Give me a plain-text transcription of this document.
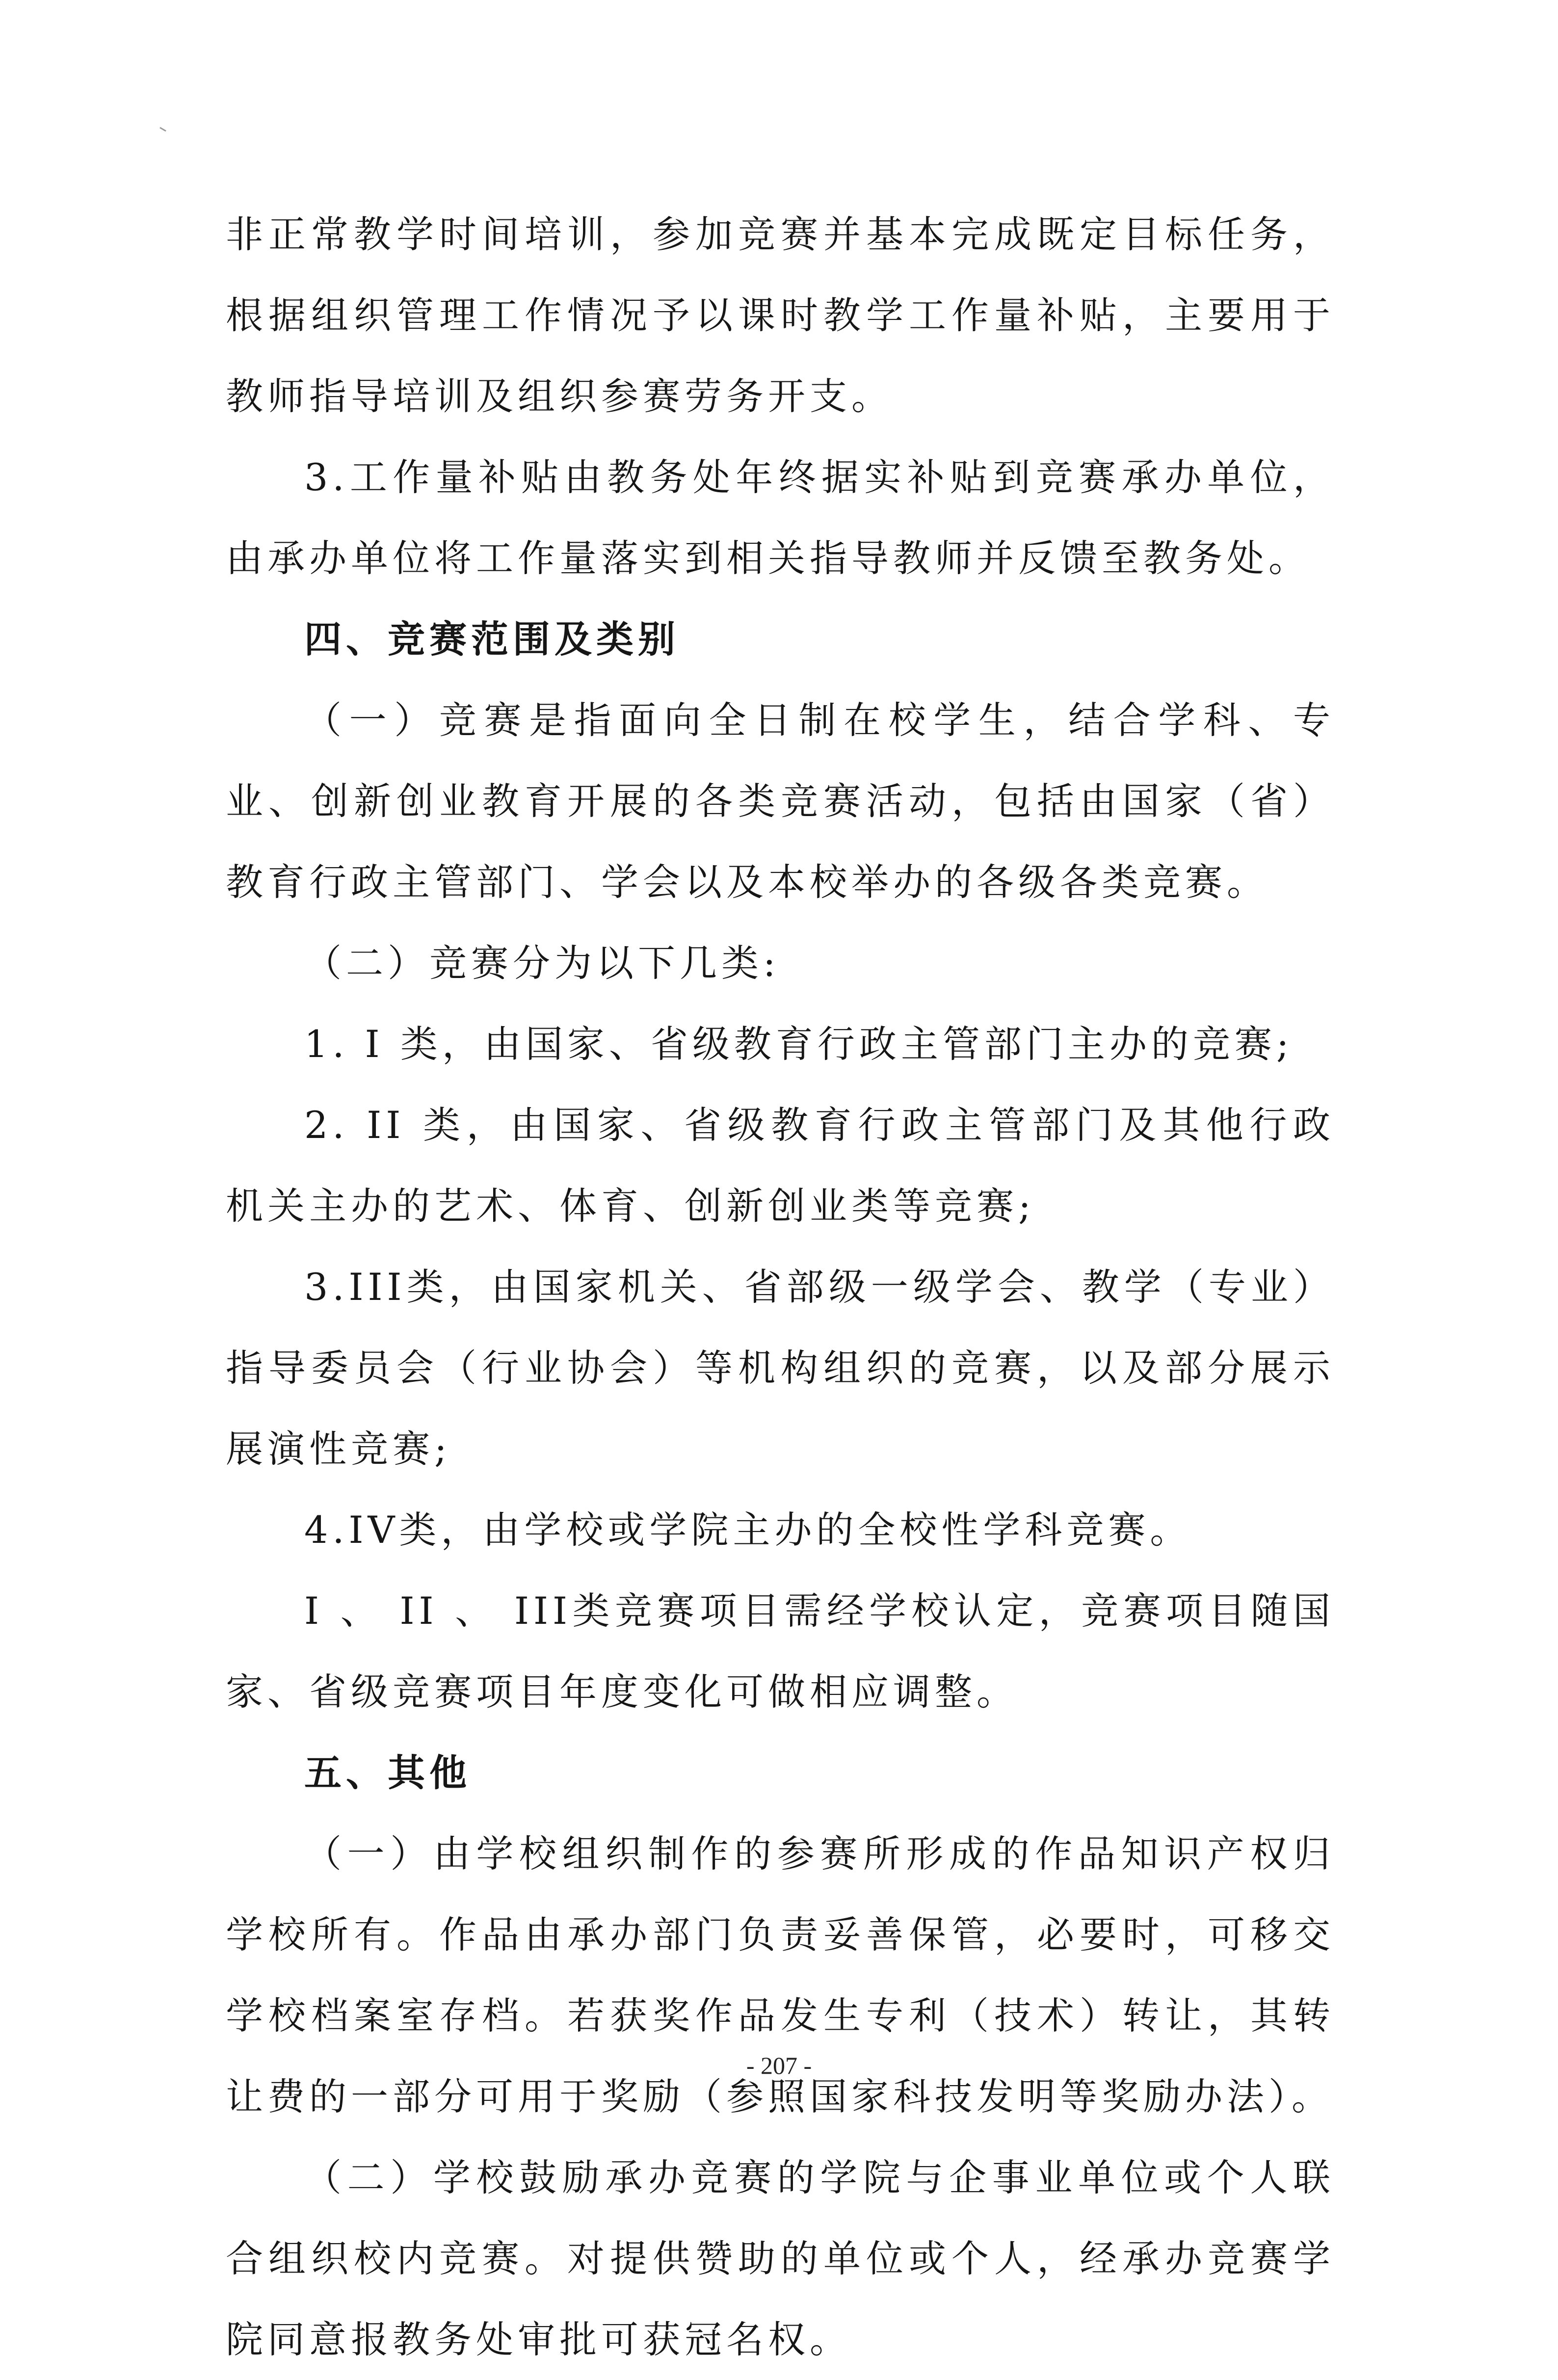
非正常教学时间培训，参加竞赛并基本完成既定目标任务，根据组织管理工作情况予以课时教学工作量补贴，主要用于教师指导培训及组织参赛劳务开支。

3.工作量补贴由教务处年终据实补贴到竞赛承办单位，由承办单位将工作量落实到相关指导教师并反馈至教务处。

四、竞赛范围及类别

（一）竞赛是指面向全日制在校学生，结合学科、专业、创新创业教育开展的各类竞赛活动，包括由国家（省）教育行政主管部门、学会以及本校举办的各级各类竞赛。

（二）竞赛分为以下几类:

1. I 类，由国家、省级教育行政主管部门主办的竞赛;

2. II 类，由国家、省级教育行政主管部门及其他行政机关主办的艺术、体育、创新创业类等竞赛;

3.III类，由国家机关、省部级一级学会、教学（专业）指导委员会（行业协会）等机构组织的竞赛，以及部分展示展演性竞赛;

4.IV类，由学校或学院主办的全校性学科竞赛。

I 、 II 、 III类竞赛项目需经学校认定，竞赛项目随国家、省级竞赛项目年度变化可做相应调整。

五、其他

（一）由学校组织制作的参赛所形成的作品知识产权归学校所有。作品由承办部门负责妥善保管，必要时，可移交学校档案室存档。若获奖作品发生专利（技术）转让，其转让费的一部分可用于奖励（参照国家科技发明等奖励办法）。

（二）学校鼓励承办竞赛的学院与企事业单位或个人联合组织校内竞赛。对提供赞助的单位或个人，经承办竞赛学院同意报教务处审批可获冠名权。

- 207 -
